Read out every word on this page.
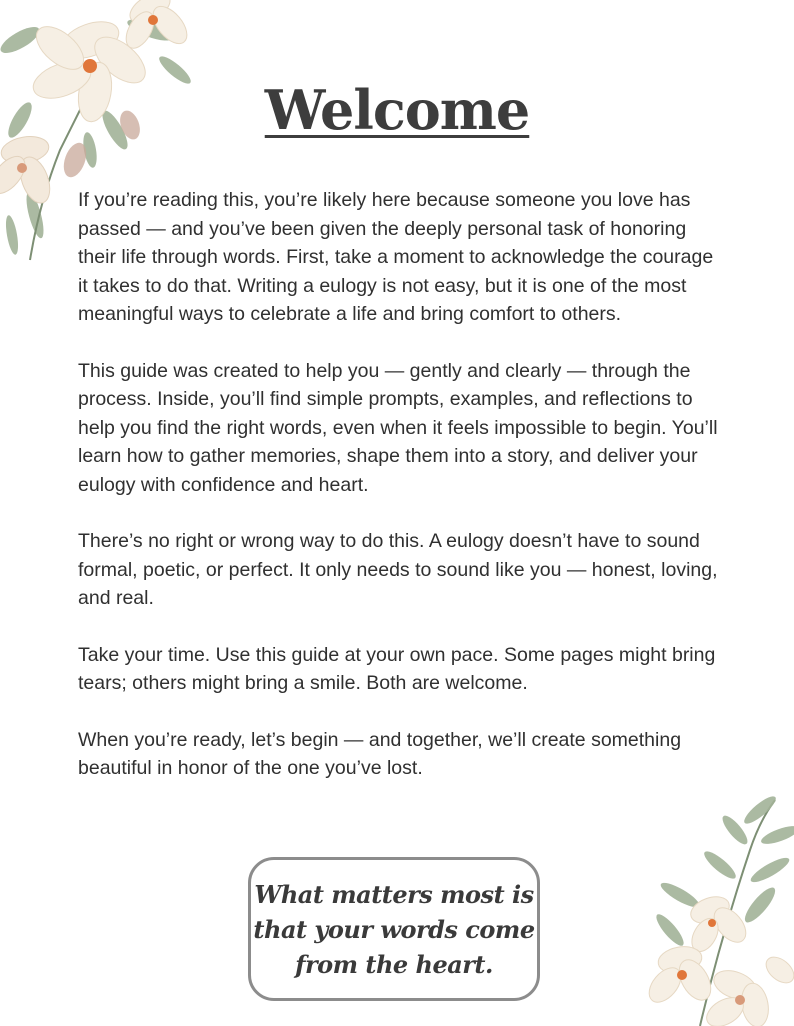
Welcome

If you’re reading this, you’re likely here because someone you love has passed — and you’ve been given the deeply personal task of honoring their life through words. First, take a moment to acknowledge the courage it takes to do that. Writing a eulogy is not easy, but it is one of the most meaningful ways to celebrate a life and bring comfort to others.

This guide was created to help you — gently and clearly — through the process. Inside, you’ll find simple prompts, examples, and reflections to help you find the right words, even when it feels impossible to begin. You’ll learn how to gather memories, shape them into a story, and deliver your eulogy with confidence and heart.

There’s no right or wrong way to do this. A eulogy doesn’t have to sound formal, poetic, or perfect. It only needs to sound like you — honest, loving, and real.

Take your time. Use this guide at your own pace. Some pages might bring tears; others might bring a smile. Both are welcome.

When you’re ready, let’s begin — and together, we’ll create something beautiful in honor of the one you’ve lost.

What matters most is that your words come from the heart.
